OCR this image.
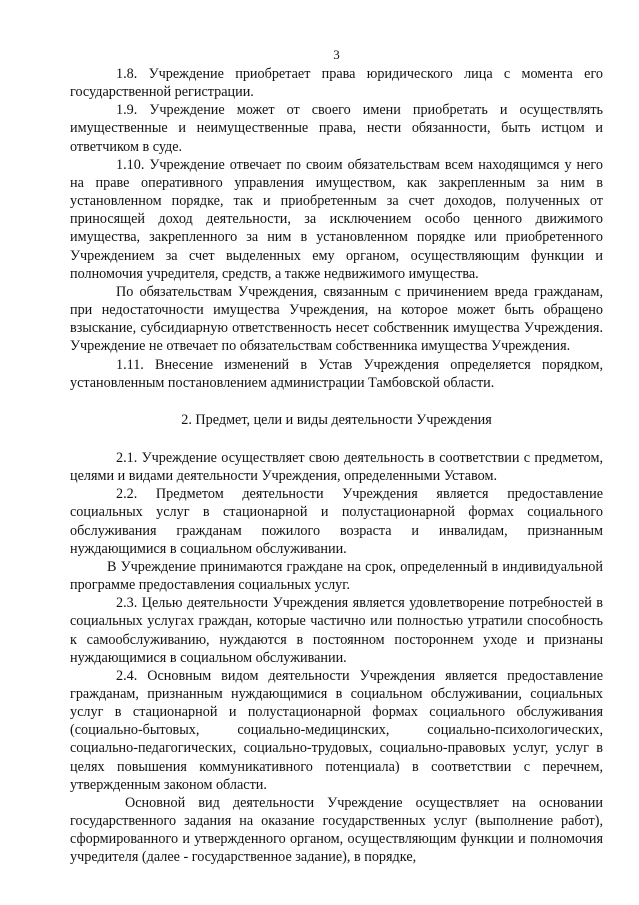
3

1.8. Учреждение приобретает права юридического лица с момента его государственной регистрации.

1.9. Учреждение может от своего имени приобретать и осуществлять имущественные и неимущественные права, нести обязанности, быть истцом и ответчиком в суде.

1.10. Учреждение отвечает по своим обязательствам всем находящимся у него на праве оперативного управления имуществом, как закрепленным за ним в установленном порядке, так и приобретенным за счет доходов, полученных от приносящей доход деятельности, за исключением особо ценного движимого имущества, закрепленного за ним в установленном порядке или приобретенного Учреждением за счет выделенных ему органом, осуществляющим функции и полномочия учредителя, средств, а также недвижимого имущества.

По обязательствам Учреждения, связанным с причинением вреда гражданам, при недостаточности имущества Учреждения, на которое может быть обращено взыскание, субсидиарную ответственность несет собственник имущества Учреждения. Учреждение не отвечает по обязательствам собственника имущества Учреждения.

1.11. Внесение изменений в Устав Учреждения определяется порядком, установленным постановлением администрации Тамбовской области.

2. Предмет, цели и виды деятельности Учреждения

2.1. Учреждение осуществляет свою деятельность в соответствии с предметом, целями и видами деятельности Учреждения, определенными Уставом.

2.2. Предметом деятельности Учреждения является предоставление социальных услуг в стационарной и полустационарной формах социального обслуживания гражданам пожилого возраста и инвалидам, признанным нуждающимися в социальном обслуживании.

В Учреждение принимаются граждане на срок, определенный в индивидуальной программе предоставления социальных услуг.

2.3. Целью деятельности Учреждения является удовлетворение потребностей в социальных услугах граждан, которые частично или полностью утратили способность к самообслуживанию, нуждаются в постоянном постороннем уходе и признаны нуждающимися в социальном обслуживании.

2.4. Основным видом деятельности Учреждения является предоставление гражданам, признанным нуждающимися в социальном обслуживании, социальных услуг в стационарной и полустационарной формах социального обслуживания (социально-бытовых, социально-медицинских, социально-психологических, социально-педагогических, социально-трудовых, социально-правовых услуг, услуг в целях повышения коммуникативного потенциала) в соответствии с перечнем, утвержденным законом области.

Основной вид деятельности Учреждение осуществляет на основании государственного задания на оказание государственных услуг (выполнение работ), сформированного и утвержденного органом, осуществляющим функции и полномочия учредителя (далее - государственное задание), в порядке,
